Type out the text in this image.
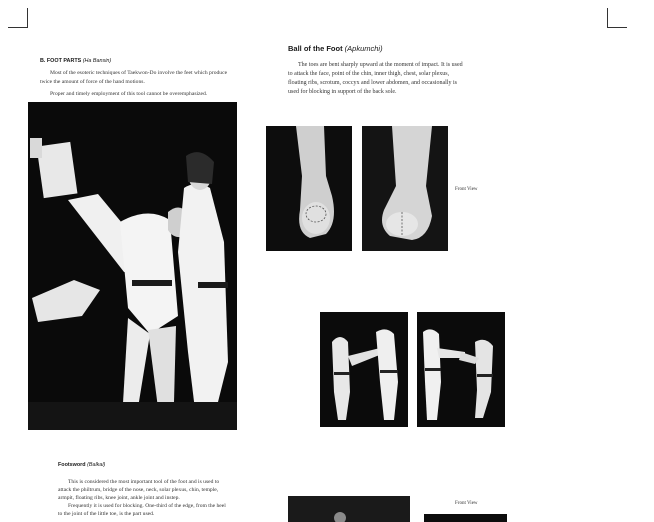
B. FOOT PARTS (Ha Bansin)
Most of the esoteric techniques of Taekwon-Do involve the feet which produce
twice the amount of force of the hand motions.
Proper and timely employment of this tool cannot be overemphasized.
Footsword (Balkal)
This is considered the most important tool of the foot and is used to
attack the philtrum, bridge of the nose, neck, solar plexus, chin, temple,
armpit, floating ribs, knee joint, ankle joint and instep.
Frequently it is used for blocking. One-third of the edge, from the heel
to the joint of the little toe, is the part used.
Ball of the Foot (Apkumchi)
The toes are bent sharply upward at the moment of impact. It is used
to attack the face, point of the chin, inner thigh, chest, solar plexus,
floating ribs, scrotum, coccyx and lower abdomen, and occasionally is
used for blocking in support of the back sole.
Front View
Front View
